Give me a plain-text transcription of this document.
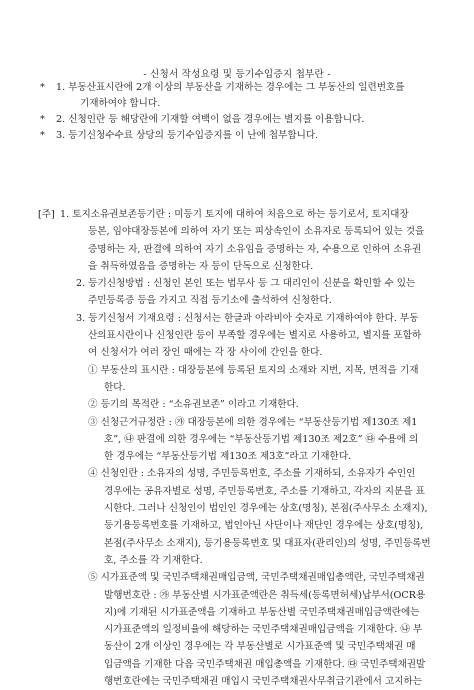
- 신청서 작성요령 및 등기수입증지 첩부란 -
* 1. 부동산표시란에 2개 이상의 부동산을 기재하는 경우에는 그 부동산의 일련번호를
기재하여야 합니다.
* 2. 신청인란 등 해당란에 기재할 여백이 없을 경우에는 별지를 이용합니다.
* 3. 등기신청수수료 상당의 등기수입증지를 이 난에 첩부합니다.
[주] 1. 토지소유권보존등기란 : 미등기 토지에 대하여 처음으로 하는 등기로서, 토지대장
등본, 임야대장등본에 의하여 자기 또는 피상속인이 소유자로 등록되어 있는 것을
증명하는 자, 판결에 의하여 자기 소유임을 증명하는 자, 수용으로 인하여 소유권
을 취득하였음을 증명하는 자 등이 단독으로 신청한다.
2. 등기신청방법 : 신청인 본인 또는 법무사 등 그 대리인이 신분을 확인할 수 있는
주민등록증 등을 가지고 직접 등기소에 출석하여 신청한다.
3. 등기신청서 기재요령 : 신청서는 한글과 아라비아 숫자로 기재하여야 한다. 부동
산의표시란이나 신청인란 등이 부족할 경우에는 별지로 사용하고, 별지를 포함하
여 신청서가 여러 장인 때에는 각 장 사이에 간인을 한다.
① 부동산의 표시란 : 대장등본에 등록된 토지의 소재와 지번, 지목, 면적을 기재
한다.
② 등기의 목적란 : “소유권보존” 이라고 기재한다.
③ 신청근거규정란 : ㉮ 대장등본에 의한 경우에는 “부동산등기법 제130조 제1
호”, ㉯ 판결에 의한 경우에는 “부동산등기법 제130조 제2호” ㉰ 수용에 의
한 경우에는 “부동산등기법 제130조 제3호”라고 기재한다.
④ 신청인란 : 소유자의 성명, 주민등록번호, 주소를 기재하되, 소유자가 수인인
경우에는 공유자별로 성명, 주민등록번호, 주소를 기재하고, 각자의 지분을 표
시한다. 그러나 신청인이 법인인 경우에는 상호(명칭), 본점(주사무소 소재지),
등기용등록번호를 기재하고, 법인아닌 사단이나 재단인 경우에는 상호(명칭),
본점(주사무소 소재지), 등기용등록번호 및 대표자(관리인)의 성명, 주민등록번
호, 주소를 각 기재한다.
⑤ 시가표준액 및 국민주택채권매입금액, 국민주택채권매입총액란, 국민주택채권
발행번호란 : ㉮ 부동산별 시가표준액란은 취득세(등록면허세)납부서(OCR용
지)에 기재된 시가표준액을 기재하고 부동산별 국민주택채권매입금액란에는
시가표준액의 일정비율에 해당하는 국민주택채권매입금액을 기재한다. ㉯ 부
동산이 2개 이상인 경우에는 각 부동산별로 시가표준액 및 국민주택채권 매
입금액을 기재한 다음 국민주택채권 매입총액을 기재한다. ㉰ 국민주택채권발
행번호란에는 국민주택채권 매입시 국민주택채권사무취급기관에서 고지하는
